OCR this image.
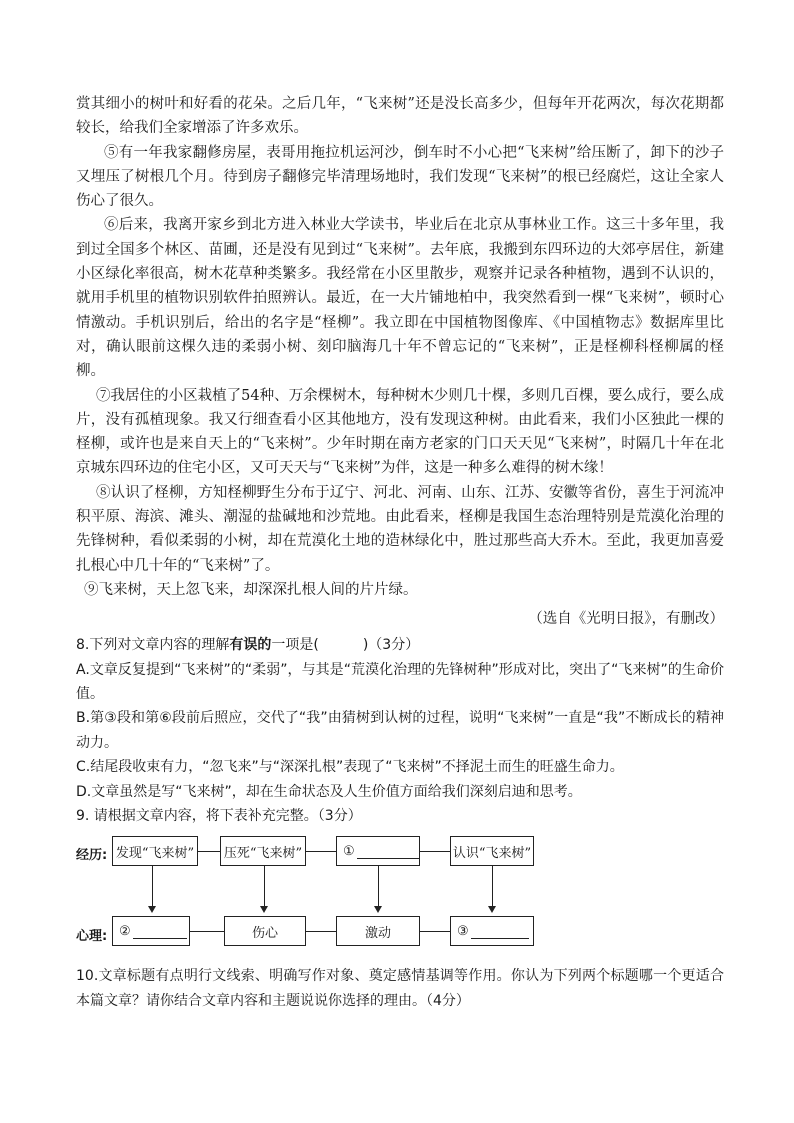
赏其细小的树叶和好看的花朵。之后几年，“飞来树”还是没长高多少，但每年开花两次，每次花期都较长，给我们全家增添了许多欢乐。

⑤有一年我家翻修房屋，表哥用拖拉机运河沙，倒车时不小心把“飞来树”给压断了，卸下的沙子又埋压了树根几个月。待到房子翻修完毕清理场地时，我们发现“飞来树”的根已经腐烂，这让全家人伤心了很久。

⑥后来，我离开家乡到北方进入林业大学读书，毕业后在北京从事林业工作。这三十多年里，我到过全国多个林区、苗圃，还是没有见到过“飞来树”。去年底，我搬到东四环边的大郊亭居住，新建小区绿化率很高，树木花草种类繁多。我经常在小区里散步，观察并记录各种植物，遇到不认识的，就用手机里的植物识别软件拍照辨认。最近，在一大片铺地柏中，我突然看到一棵“飞来树”，顿时心情激动。手机识别后，给出的名字是“柽柳”。我立即在中国植物图像库、《中国植物志》数据库里比对，确认眼前这棵久违的柔弱小树、刻印脑海几十年不曾忘记的“飞来树”，正是柽柳科柽柳属的柽柳。

⑦我居住的小区栽植了54种、万余棵树木，每种树木少则几十棵，多则几百棵，要么成行，要么成片，没有孤植现象。我又行细查看小区其他地方，没有发现这种树。由此看来，我们小区独此一棵的柽柳，或许也是来自天上的“飞来树”。少年时期在南方老家的门口天天见“飞来树”，时隔几十年在北京城东四环边的住宅小区，又可天天与“飞来树”为伴，这是一种多么难得的树木缘！

⑧认识了柽柳，方知柽柳野生分布于辽宁、河北、河南、山东、江苏、安徽等省份，喜生于河流冲积平原、海滨、滩头、潮湿的盐碱地和沙荒地。由此看来，柽柳是我国生态治理特别是荒漠化治理的先锋树种，看似柔弱的小树，却在荒漠化土地的造林绿化中，胜过那些高大乔木。至此，我更加喜爱扎根心中几十年的“飞来树”了。

⑨飞来树，天上忽飞来，却深深扎根人间的片片绿。

（选自《光明日报》，有删改）

8.下列对文章内容的理解有误的一项是(	)（3分）

A.文章反复提到“飞来树”的“柔弱”，与其是“荒漠化治理的先锋树种”形成对比，突出了“飞来树”的生命价值。

B.第③段和第⑥段前后照应，交代了“我”由猜树到认树的过程，说明“飞来树”一直是“我”不断成长的精神动力。

C.结尾段收束有力，“忽飞来”与“深深扎根”表现了“飞来树”不择泥土而生的旺盛生命力。

D.文章虽然是写“飞来树”，却在生命状态及人生价值方面给我们深刻启迪和思考。

9. 请根据文章内容，将下表补充完整。（3分）

经历:
心理:
发现“飞来树” 压死“飞来树”	①	认识“飞来树”
②	伤心	激动	③

10.文章标题有点明行文线索、明确写作对象、奠定感情基调等作用。你认为下列两个标题哪一个更适合本篇文章？请你结合文章内容和主题说说你选择的理由。（4分）
